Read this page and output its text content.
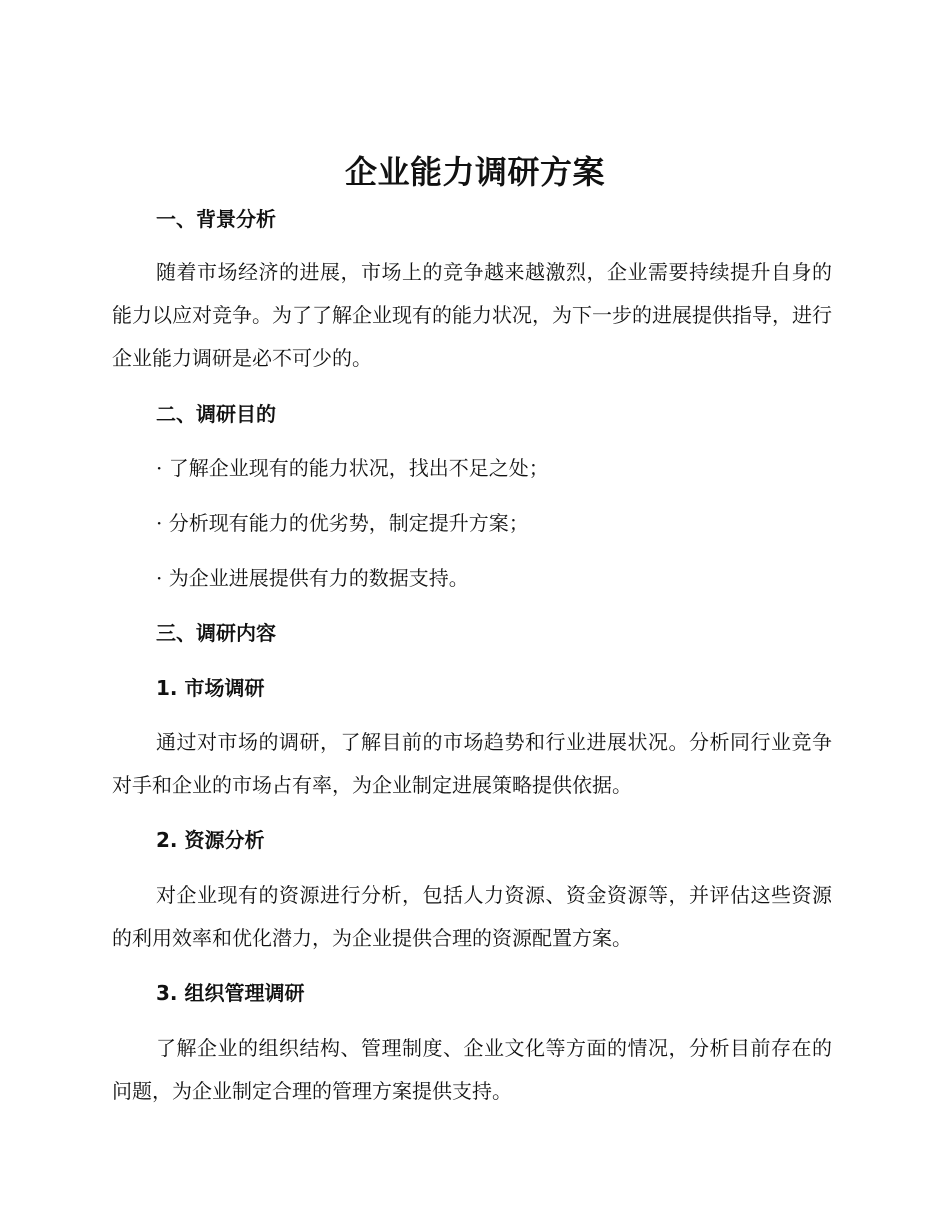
企业能力调研方案
一、背景分析
随着市场经济的进展，市场上的竞争越来越激烈，企业需要持续提升自身的能力以应对竞争。为了了解企业现有的能力状况，为下一步的进展提供指导，进行企业能力调研是必不可少的。
二、调研目的
· 了解企业现有的能力状况，找出不足之处；
· 分析现有能力的优劣势，制定提升方案；
· 为企业进展提供有力的数据支持。
三、调研内容
1. 市场调研
通过对市场的调研，了解目前的市场趋势和行业进展状况。分析同行业竞争对手和企业的市场占有率，为企业制定进展策略提供依据。
2. 资源分析
对企业现有的资源进行分析，包括人力资源、资金资源等，并评估这些资源的利用效率和优化潜力，为企业提供合理的资源配置方案。
3. 组织管理调研
了解企业的组织结构、管理制度、企业文化等方面的情况，分析目前存在的问题，为企业制定合理的管理方案提供支持。
